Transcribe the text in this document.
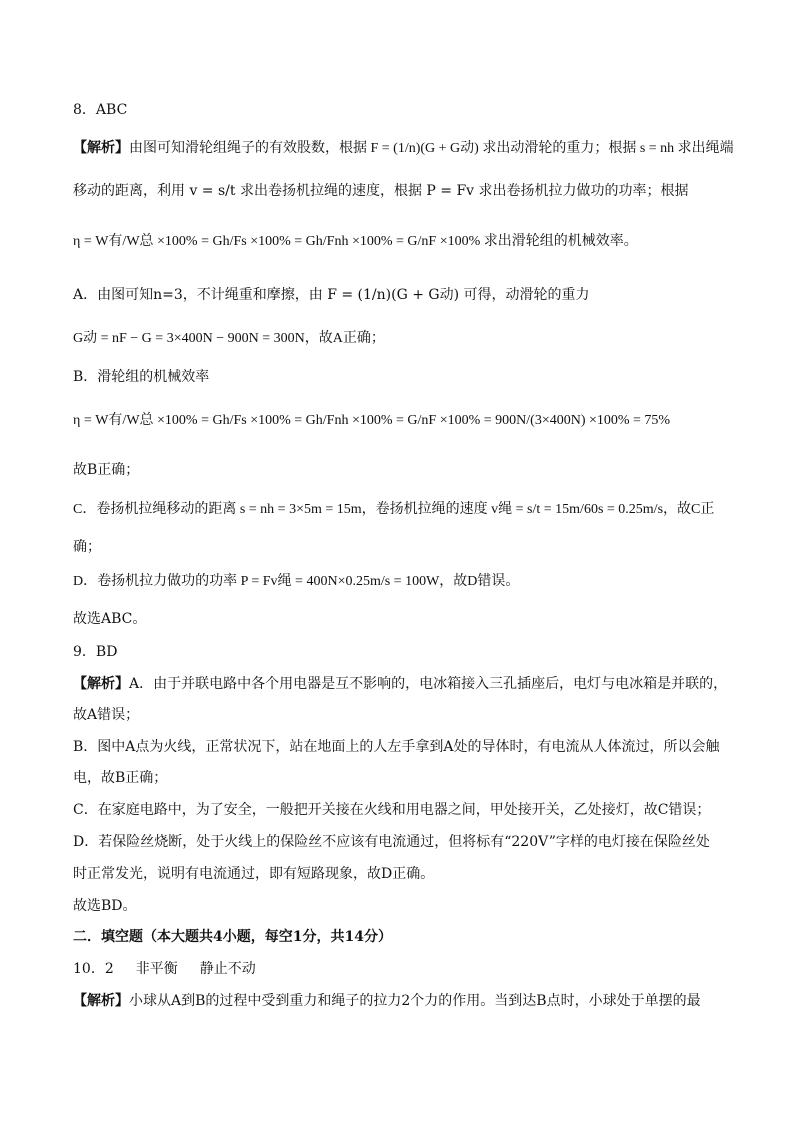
8．ABC
【解析】由图可知滑轮组绳子的有效股数，根据 F = (1/n)(G + G动) 求出动滑轮的重力；根据 s = nh 求出绳端
移动的距离，利用 v = s/t 求出卷扬机拉绳的速度，根据 P = Fv 求出卷扬机拉力做功的功率；根据
η = W有/W总 ×100% = Gh/Fs ×100% = Gh/Fnh ×100% = G/nF ×100% 求出滑轮组的机械效率。
A．由图可知n=3，不计绳重和摩擦，由 F = (1/n)(G + G动) 可得，动滑轮的重力
G动 = nF − G = 3×400N − 900N = 300N，故A正确；
B．滑轮组的机械效率
η = W有/W总 ×100% = Gh/Fs ×100% = Gh/Fnh ×100% = G/nF ×100% = 900N/(3×400N) ×100% = 75%
故B正确；
C．卷扬机拉绳移动的距离 s = nh = 3×5m = 15m，卷扬机拉绳的速度 v绳 = s/t = 15m/60s = 0.25m/s，故C正
确；
D．卷扬机拉力做功的功率 P = Fv绳 = 400N×0.25m/s = 100W，故D错误。
故选ABC。
9．BD
【解析】A．由于并联电路中各个用电器是互不影响的，电冰箱接入三孔插座后，电灯与电冰箱是并联的，
故A错误；
B．图中A点为火线，正常状况下，站在地面上的人左手拿到A处的导体时，有电流从人体流过，所以会触
电，故B正确；
C．在家庭电路中，为了安全，一般把开关接在火线和用电器之间，甲处接开关，乙处接灯，故C错误；
D．若保险丝烧断，处于火线上的保险丝不应该有电流通过，但将标有“220V”字样的电灯接在保险丝处
时正常发光，说明有电流通过，即有短路现象，故D正确。
故选BD。
二．填空题（本大题共4小题，每空1分，共14分）
10．2 非平衡 静止不动
【解析】小球从A到B的过程中受到重力和绳子的拉力2个力的作用。当到达B点时，小球处于单摆的最
